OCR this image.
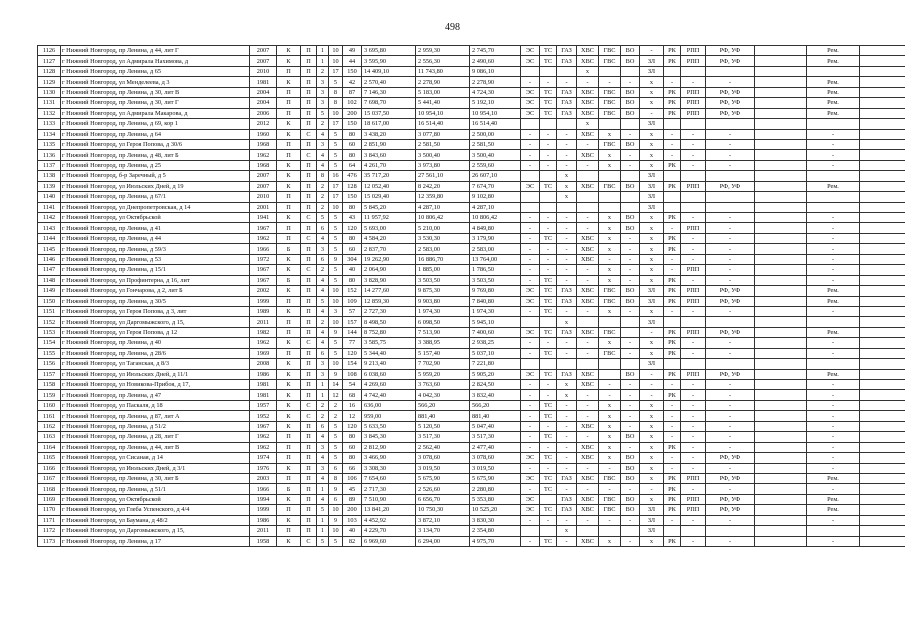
498
1126	г Нижний Новгород, пр Ленина, д 44, лит Г	2007	К	П	1	10	49	3 695,80	2 959,30	2 745,70	ЭС	ТС	ГАЗ	ХВС	ГВС	ВО	-	РК	РПП	РФ, УФ		Рем.	
1127	г Нижний Новгород, ул Адмирала Нахимова, д	2007	К	П	1	10	44	3 595,90	2 556,30	2 490,60	ЭС	ТС	ГАЗ	ХВС	ГВС	ВО	ЗЛ	РК	РПП	РФ, УФ		Рем.	
1128	г Нижний Новгород, пр Ленина, д 65	2010	П	П	2	17	150	14 409,10	11 743,80	9 086,10				х			ЗЛ						
1129	г Нижний Новгород, ул Менделеева, д 3	1981	К	П	3	5	42	2 570,40	2 278,90	2 278,90	-	-	-	-	-	-	х	-	-	-		Рем.	
1130	г Нижний Новгород, пр Ленина, д 30, лит В	2004	П	П	3	8	87	7 146,30	5 183,00	4 724,30	ЭС	ТС	ГАЗ	ХВС	ГВС	ВО	х	РК	РПП	РФ, УФ		Рем.	
1131	г Нижний Новгород, пр Ленина, д 30, лит Г	2004	П	П	3	8	102	7 698,70	5 441,40	5 192,10	ЭС	ТС	ГАЗ	ХВС	ГВС	ВО	х	РК	РПП	РФ, УФ		Рем.	
1132	г Нижний Новгород, ул Адмирала Макарова, д	2006	П	П	5	10	200	15 037,50	10 954,10	10 954,10	ЭС	ТС	ГАЗ	ХВС	ГВС	ВО	-	РК	РПП	РФ, УФ		Рем.	
1133	г Нижний Новгород, пр Ленина, д 69, кор 1	2012	К	П	2	17	150	18 617,00	16 514,40	16 514,40				х			ЗЛ						
1134	г Нижний Новгород, пр Ленина, д 64	1960	К	С	4	5	80	3 438,20	3 077,80	2 500,00	-	-	-	ХВС	х	-	х	-	-	-		-	
1135	г Нижний Новгород, ул Героя Попова, д 30/6	1968	П	П	3	5	60	2 851,90	2 581,50	2 581,50	-	-	-	-	ГВС	ВО	х	-	-	-		-	
1136	г Нижний Новгород, пр Ленина, д 48, лит Б	1962	П	С	4	5	80	3 843,60	3 500,40	3 500,40	-	-	-	ХВС	х	-	х	-	-	-		-	
1137	г Нижний Новгород, пр Ленина, д 25	1968	К	П	4	5	64	4 261,70	3 973,80	2 559,60	-	-	-	-	х	-	х	РК	-	-		-	
1138	г Нижний Новгород, б-р Заречный, д 5	2007	К	П	8	16	476	35 717,20	27 561,10	26 607,10			х				ЗЛ						
1139	г Нижний Новгород, ул Июльских Дней, д 19	2007	К	П	2	17	128	12 052,40	8 242,20	7 674,70	ЭС	ТС	х	ХВС	ГВС	ВО	ЗЛ	РК	РПП	РФ, УФ		Рем.	
1140	г Нижний Новгород, пр Ленина, д 67/1	2010	П	П	2	17	150	15 029,40	12 359,80	9 102,80			х				ЗЛ						
1141	г Нижний Новгород, ул Днепропетровская, д 14	2001	П	П	2	10	80	5 845,20	4 287,10	4 287,10							ЗЛ						
1142	г Нижний Новгород, ул Октябрьской	1941	К	С	5	5	43	11 957,92	10 806,42	10 806,42	-	-	-	-	х	ВО	х	РК	-	-		-	
1143	г Нижний Новгород, пр Ленина, д 41	1967	П	П	6	5	120	5 693,00	5 210,00	4 849,80	-	-	-	-	х	ВО	х	-	РПП	-		-	
1144	г Нижний Новгород, пр Ленина, д 44	1962	П	С	4	5	80	4 584,20	3 530,30	3 179,90	-	ТС	-	ХВС	х	-	х	РК	-	-		-	
1145	г Нижний Новгород, пр Ленина, д 59/3	1966	Б	П	3	5	60	2 837,70	2 583,00	2 583,00	-	-	-	ХВС	х	-	х	РК	-	-		-	
1146	г Нижний Новгород, пр Ленина, д 53	1972	К	П	6	9	304	19 262,90	16 886,70	13 764,00	-	-	-	ХВС	-	-	х	-	-	-		-	
1147	г Нижний Новгород, пр Ленина, д 15/1	1967	К	С	2	5	40	2 064,90	1 885,00	1 786,50	-	-	-	-	х	-	х	-	РПП	-		-	
1148	г Нижний Новгород, ул Профинтерна, д 16, лит	1967	Б	П	4	5	80	3 828,90	3 503,50	3 503,50	-	ТС	-	-	х	-	х	РК	-	-		-	
1149	г Нижний Новгород, ул Гончарова, д 2, лит Б	2002	К	П	4	10	152	14 277,60	9 875,30	9 769,80	ЭС	ТС	ГАЗ	ХВС	ГВС	ВО	ЗЛ	РК	РПП	РФ, УФ		Рем.	
1150	г Нижний Новгород, пр Ленина, д 30/5	1999	П	П	5	10	109	12 859,30	9 903,80	7 840,80	ЭС	ТС	ГАЗ	ХВС	ГВС	ВО	ЗЛ	РК	РПП	РФ, УФ		Рем.	
1151	г Нижний Новгород, ул Героя Попова, д 3, лит	1989	К	П	4	3	57	2 727,30	1 974,30	1 974,30	-	ТС	-	-	х	-	х	-	-	-		-	
1152	г Нижний Новгород, ул Даргомыжского, д 15,	2011	П	П	2	10	157	8 498,50	6 098,50	5 945,10			х				ЗЛ						
1153	г Нижний Новгород, ул Героя Попова, д 12	1982	П	П	4	9	144	8 752,80	7 513,90	7 400,60	ЭС	ТС	ГАЗ	ХВС	ГВС		-	РК	РПП	РФ, УФ		Рем.	
1154	г Нижний Новгород, пр Ленина, д 40	1962	К	С	4	5	77	3 585,75	3 388,95	2 938,25	-	-	-	-	х	-	х	РК	-	-		-	
1155	г Нижний Новгород, пр Ленина, д 28/6	1969	П	П	6	5	120	5 344,40	5 157,40	5 037,10	-	ТС	-	-	ГВС	-	х	РК	-	-		-	
1156	г Нижний Новгород, ул Таганская, д 8/3	2008	К	П	3	10	154	9 213,40	7 702,90	7 221,80							ЗЛ						
1157	г Нижний Новгород, ул Июльских Дней, д 11/1	1986	К	П	3	9	108	6 038,60	5 959,20	5 905,20	ЭС	ТС	ГАЗ	ХВС		ВО	-	РК	РПП	РФ, УФ		Рем.	
1158	г Нижний Новгород, ул Новикова-Прибоя, д 17,	1981	К	П	1	14	54	4 269,60	3 763,60	2 824,50	-	-	х	ХВС	-	-	-	-	-	-		-	
1159	г Нижний Новгород, пр Ленина, д 47	1981	К	П	1	12	68	4 742,40	4 042,30	3 832,40	-	-	х	-	-	-	-	РК	-	-		-	
1160	г Нижний Новгород, ул Паскаля, д 18	1957	К	С	2	2	16	636,00	566,20	566,20	-	ТС	-	-	х	-	х	-	-	-		-	
1161	г Нижний Новгород, пр Ленина, д 87, лит А	1952	К	С	2	2	12	959,00	881,40	881,40	-	ТС	-	-	х	-	х	-	-	-		-	
1162	г Нижний Новгород, пр Ленина, д 51/2	1967	К	П	6	5	120	5 633,50	5 120,50	5 047,40	-	-	-	ХВС	х	-	х	-	-	-		-	
1163	г Нижний Новгород, пр Ленина, д 28, лит Г	1962	П	П	4	5	80	3 845,30	3 517,30	3 517,30	-	ТС	-	-	х	ВО	х	-	-	-		-	
1164	г Нижний Новгород, пр Ленина, д 44, лит В	1962	П	П	3	5	60	2 812,90	2 562,40	2 477,40	-	-	-	ХВС	х	-	х	РК	-	-		-	
1165	г Нижний Новгород, ул Сисаная, д 14	1974	П	П	4	5	80	3 466,90	3 078,60	3 078,60	ЭС	ТС	-	ХВС	х	ВО	х	-	-	РФ, УФ		-	
1166	г Нижний Новгород, ул Июльских Дней, д 3/1	1976	К	П	3	6	66	3 308,30	3 019,50	3 019,50	-	-	-	-	-	ВО	х	-	-	-		-	
1167	г Нижний Новгород, пр Ленина, д 30, лит Б	2003	П	П	4	8	106	7 654,60	5 675,90	5 675,90	ЭС	ТС	ГАЗ	ХВС	ГВС	ВО	х	РК	РПП	РФ, УФ		Рем.	
1168	г Нижний Новгород, пр Ленина, д 51/1	1966	Б	П	1	9	45	2 717,30	2 526,60	2 280,80	-	ТС	-	-	-	-	-	РК	-	-		-	
1169	г Нижний Новгород, ул Октябрьской	1994	К	П	4	6	89	7 510,90	6 656,70	5 353,80	ЭС		ГАЗ	ХВС	ГВС	ВО	х	РК	РПП	РФ, УФ		Рем.	
1170	г Нижний Новгород, ул Глеба Успенского, д 4/4	1999	П	П	5	10	200	13 841,20	10 750,30	10 525,20	ЭС	ТС	ГАЗ	ХВС	ГВС	ВО	ЗЛ	РК	РПП	РФ, УФ		Рем.	
1171	г Нижний Новгород, ул Баумана, д 48/2	1986	К	П	1	9	103	4 452,92	3 872,10	3 830,30	-	-	-	-	-	-	ЗЛ	-	-	-		-	
1172	г Нижний Новгород, ул Даргомыжского, д 15,	2011	П	П	1	10	40	4 229,70	3 134,70	2 354,80			х				ЗЛ						
1173	г Нижний Новгород, пр Ленина, д 17	1958	К	С	5	5	82	6 969,60	6 294,00	4 975,70	-	ТС	-	ХВС	х	-	х	РК	-	-		-	
